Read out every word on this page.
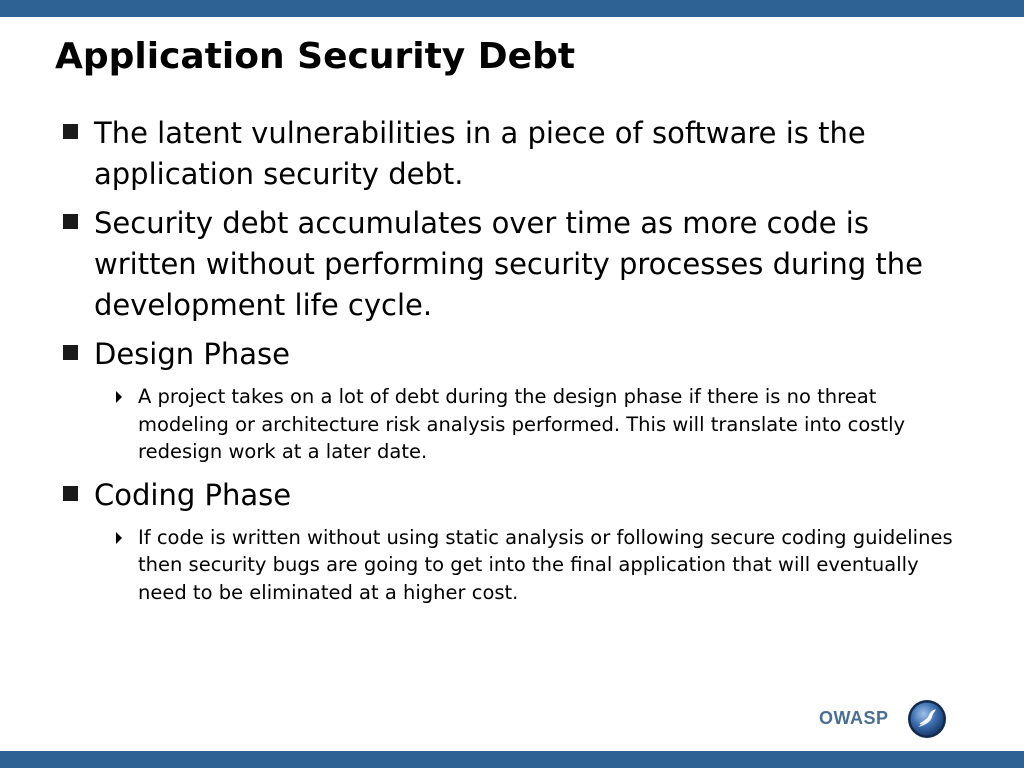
Application Security Debt
The latent vulnerabilities in a piece of software is the application security debt.
Security debt accumulates over time as more code is written without performing security processes during the development life cycle.
Design Phase
A project takes on a lot of debt during the design phase if there is no threat modeling or architecture risk analysis performed. This will translate into costly redesign work at a later date.
Coding Phase
If code is written without using static analysis or following secure coding guidelines then security bugs are going to get into the final application that will eventually need to be eliminated at a higher cost.
OWASP
